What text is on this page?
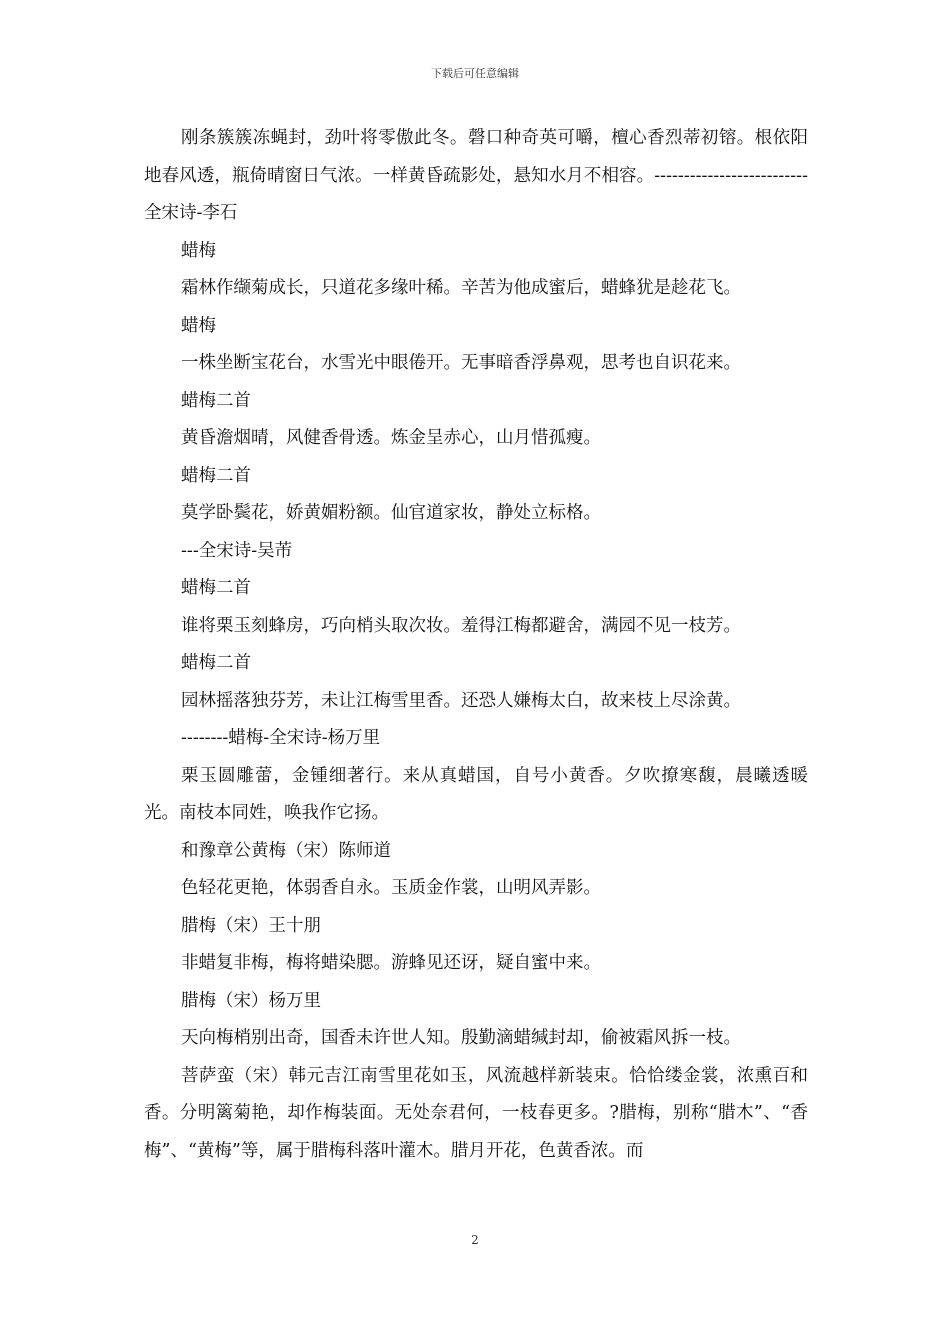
下载后可任意编辑

刚条簇簇冻蝇封，劲叶将零傲此冬。磬口种奇英可嚼，檀心香烈蒂初镕。根依阳地春风透，瓶倚晴窗日气浓。一样黄昏疏影处，悬知水月不相容。--------------------------全宋诗-李石

蜡梅

霜林作缬菊成长，只道花多缘叶稀。辛苦为他成蜜后，蜡蜂犹是趁花飞。

蜡梅

一株坐断宝花台，水雪光中眼倦开。无事暗香浮鼻观，思考也自识花来。

蜡梅二首

黄昏澹烟晴，风健香骨透。炼金呈赤心，山月惜孤瘦。

蜡梅二首

莫学卧鬓花，娇黄媚粉额。仙官道家妆，静处立标格。

---全宋诗-吴芾

蜡梅二首

谁将栗玉刻蜂房，巧向梢头取次妆。羞得江梅都避舍，满园不见一枝芳。

蜡梅二首

园林摇落独芬芳，未让江梅雪里香。还恐人嫌梅太白，故来枝上尽涂黄。

--------蜡梅-全宋诗-杨万里

栗玉圆雕蕾，金锺细著行。来从真蜡国，自号小黄香。夕吹撩寒馥，晨曦透暖光。南枝本同姓，唤我作它扬。

和豫章公黄梅（宋）陈师道

色轻花更艳，体弱香自永。玉质金作裳，山明风弄影。

腊梅（宋）王十朋

非蜡复非梅，梅将蜡染腮。游蜂见还讶，疑自蜜中来。

腊梅（宋）杨万里

天向梅梢别出奇，国香未许世人知。殷勤滴蜡缄封却，偷被霜风拆一枝。

菩萨蛮（宋）韩元吉江南雪里花如玉，风流越样新装束。恰恰缕金裳，浓熏百和香。分明篱菊艳，却作梅装面。无处奈君何，一枝春更多。?腊梅，别称“腊木”、“香梅”、“黄梅”等，属于腊梅科落叶灌木。腊月开花，色黄香浓。而

2
